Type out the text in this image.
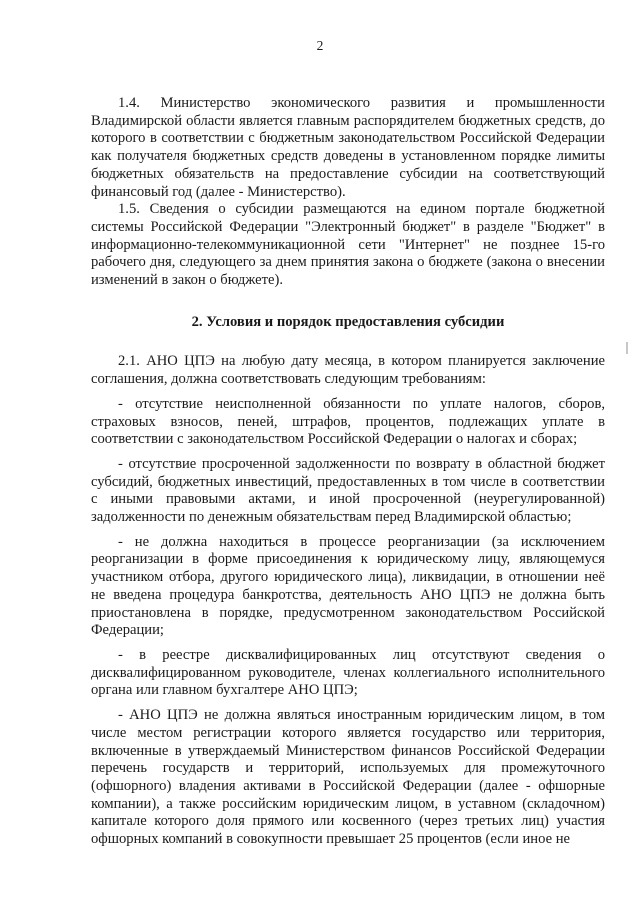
2

1.4. Министерство экономического развития и промышленности Владимирской области является главным распорядителем бюджетных средств, до которого в соответствии с бюджетным законодательством Российской Федерации как получателя бюджетных средств доведены в установленном порядке лимиты бюджетных обязательств на предоставление субсидии на соответствующий финансовый год (далее - Министерство).

1.5. Сведения о субсидии размещаются на едином портале бюджетной системы Российской Федерации "Электронный бюджет" в разделе "Бюджет" в информационно-телекоммуникационной сети "Интернет" не позднее 15-го рабочего дня, следующего за днем принятия закона о бюджете (закона о внесении изменений в закон о бюджете).

2. Условия и порядок предоставления субсидии

2.1. АНО ЦПЭ на любую дату месяца, в котором планируется заключение соглашения, должна соответствовать следующим требованиям:

- отсутствие неисполненной обязанности по уплате налогов, сборов, страховых взносов, пеней, штрафов, процентов, подлежащих уплате в соответствии с законодательством Российской Федерации о налогах и сборах;

- отсутствие просроченной задолженности по возврату в областной бюджет субсидий, бюджетных инвестиций, предоставленных в том числе в соответствии с иными правовыми актами, и иной просроченной (неурегулированной) задолженности по денежным обязательствам перед Владимирской областью;

- не должна находиться в процессе реорганизации (за исключением реорганизации в форме присоединения к юридическому лицу, являющемуся участником отбора, другого юридического лица), ликвидации, в отношении неё не введена процедура банкротства, деятельность АНО ЦПЭ не должна быть приостановлена в порядке, предусмотренном законодательством Российской Федерации;

- в реестре дисквалифицированных лиц отсутствуют сведения о дисквалифицированном руководителе, членах коллегиального исполнительного органа или главном бухгалтере АНО ЦПЭ;

- АНО ЦПЭ не должна являться иностранным юридическим лицом, в том числе местом регистрации которого является государство или территория, включенные в утверждаемый Министерством финансов Российской Федерации перечень государств и территорий, используемых для промежуточного (офшорного) владения активами в Российской Федерации (далее - офшорные компании), а также российским юридическим лицом, в уставном (складочном) капитале которого доля прямого или косвенного (через третьих лиц) участия офшорных компаний в совокупности превышает 25 процентов (если иное не
